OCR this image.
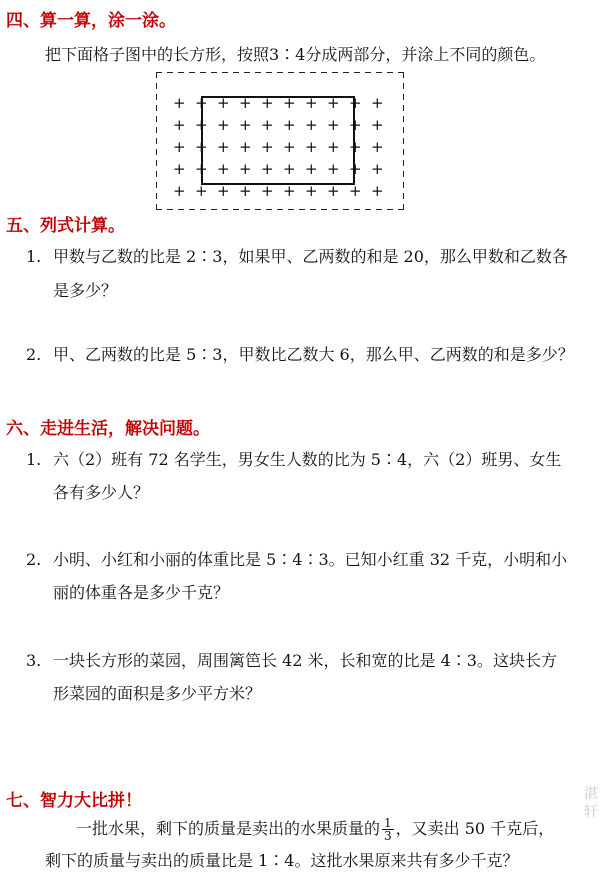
四、算一算，涂一涂。
把下面格子图中的长方形，按照3∶4分成两部分，并涂上不同的颜色。
+ + + + + + + + + +
+ + + + + + + + + +
+ + + + + + + + + +
+ + + + + + + + + +
+ + + + + + + + + +
五、列式计算。
1. 甲数与乙数的比是 2∶3，如果甲、乙两数的和是 20，那么甲数和乙数各
是多少？
2. 甲、乙两数的比是 5∶3，甲数比乙数大 6，那么甲、乙两数的和是多少？
六、走进生活，解决问题。
1. 六（2）班有 72 名学生，男女生人数的比为 5∶4，六（2）班男、女生
各有多少人？
2. 小明、小红和小丽的体重比是 5∶4∶3。已知小红重 32 千克，小明和小
丽的体重各是多少千克？
3. 一块长方形的菜园，周围篱笆长 42 米，长和宽的比是 4∶3。这块长方
形菜园的面积是多少平方米？
七、智力大比拼！
一批水果，剩下的质量是卖出的水果质量的 $\frac{1}{3}$ ，又卖出 50 千克后，
剩下的质量与卖出的质量比是 1∶4。这批水果原来共有多少千克？
湛轩
